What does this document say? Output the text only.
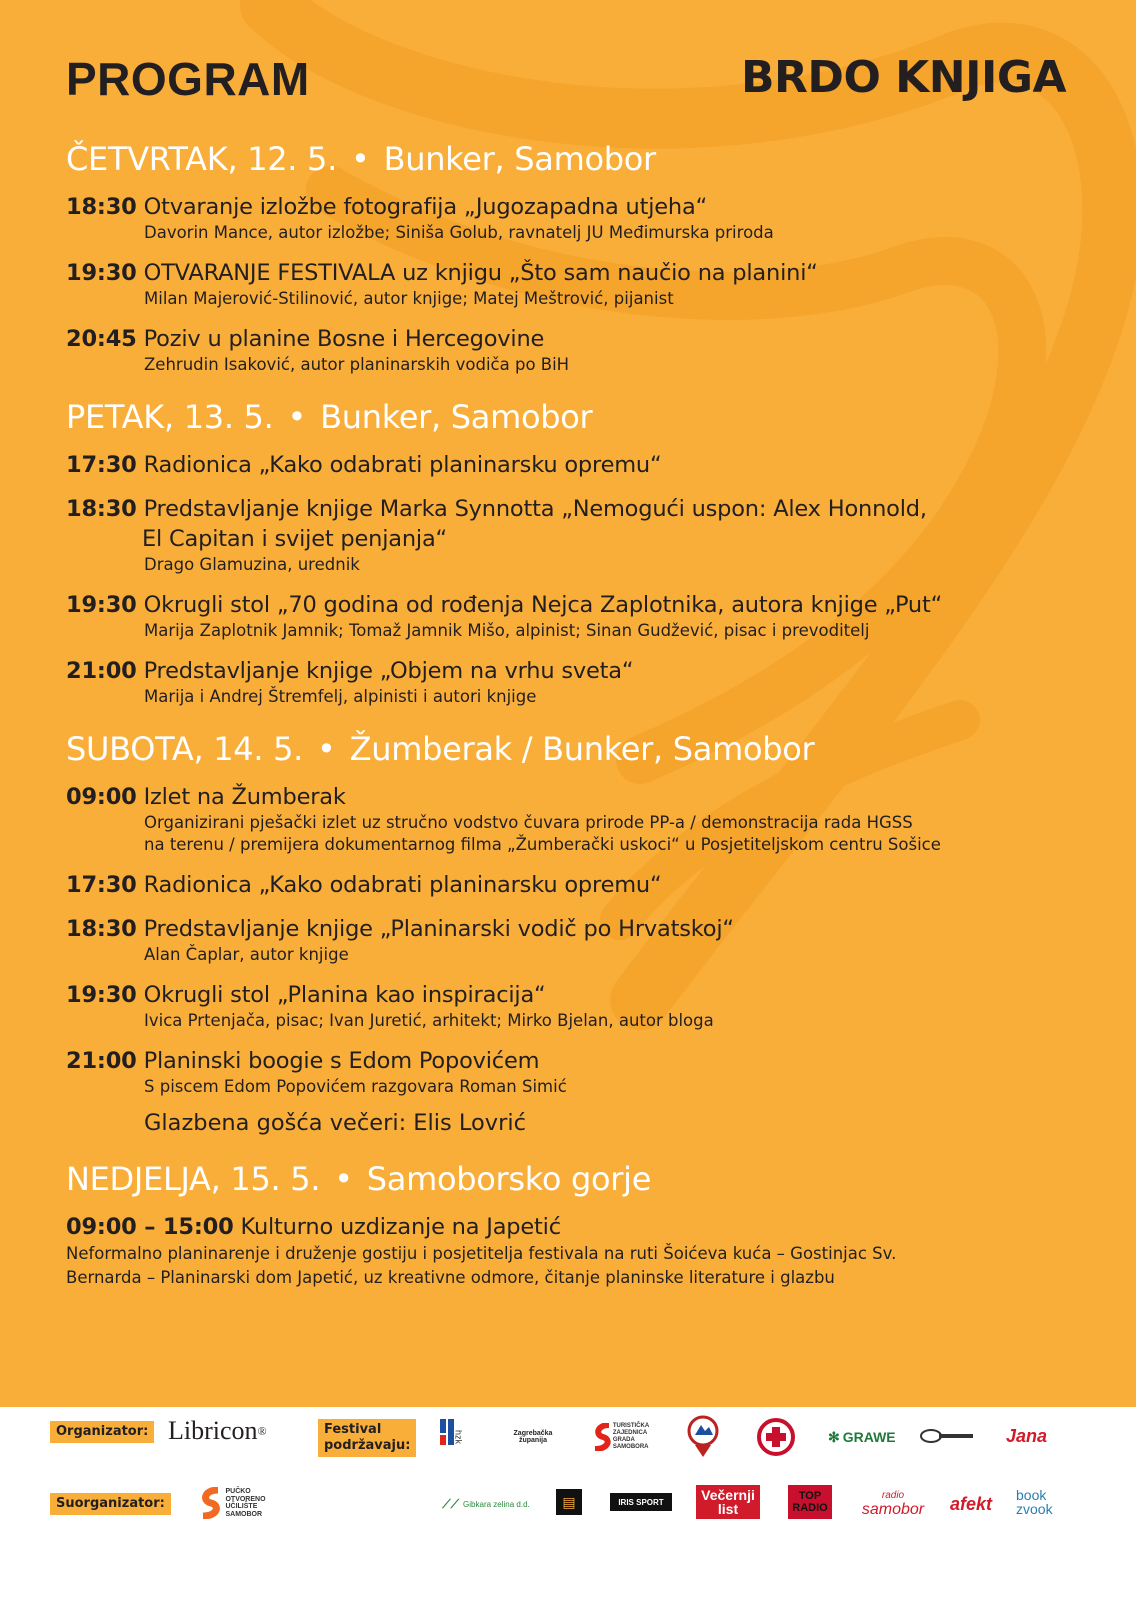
PROGRAM	BRDO KNJIGA
ČETVRTAK, 12. 5. • Bunker, Samobor
18:30 Otvaranje izložbe fotografija „Jugozapadna utjeha“
Davorin Mance, autor izložbe; Siniša Golub, ravnatelj JU Međimurska priroda
19:30 OTVARANJE FESTIVALA uz knjigu „Što sam naučio na planini“
Milan Majerović-Stilinović, autor knjige; Matej Meštrović, pijanist
20:45 Poziv u planine Bosne i Hercegovine
Zehrudin Isaković, autor planinarskih vodiča po BiH
PETAK, 13. 5. • Bunker, Samobor
17:30 Radionica „Kako odabrati planinarsku opremu“
18:30 Predstavljanje knjige Marka Synnotta „Nemogući uspon: Alex Honnold,
El Capitan i svijet penjanja“
Drago Glamuzina, urednik
19:30 Okrugli stol „70 godina od rođenja Nejca Zaplotnika, autora knjige „Put“
Marija Zaplotnik Jamnik; Tomaž Jamnik Mišo, alpinist; Sinan Gudžević, pisac i prevoditelj
21:00 Predstavljanje knjige „Objem na vrhu sveta“
Marija i Andrej Štremfelj, alpinisti i autori knjige
SUBOTA, 14. 5. • Žumberak / Bunker, Samobor
09:00 Izlet na Žumberak
Organizirani pješački izlet uz stručno vodstvo čuvara prirode PP-a / demonstracija rada HGSS
na terenu / premijera dokumentarnog filma „Žumberački uskoci“ u Posjetiteljskom centru Sošice
17:30 Radionica „Kako odabrati planinarsku opremu“
18:30 Predstavljanje knjige „Planinarski vodič po Hrvatskoj“
Alan Čaplar, autor knjige
19:30 Okrugli stol „Planina kao inspiracija“
Ivica Prtenjača, pisac; Ivan Juretić, arhitekt; Mirko Bjelan, autor bloga
21:00 Planinski boogie s Edom Popovićem
S piscem Edom Popovićem razgovara Roman Simić
Glazbena gošća večeri: Elis Lovrić
NEDJELJA, 15. 5. • Samoborsko gorje
09:00 – 15:00 Kulturno uzdizanje na Japetić
Neformalno planinarenje i druženje gostiju i posjetitelja festivala na ruti Šoićeva kuća – Gostinjac Sv.
Bernarda – Planinarski dom Japetić, uz kreativne odmore, čitanje planinske literature i glazbu
Organizator: Libricon ®	Festival
podržavaju:
hzk	Zagrebačka
županija
TURISTIČKA
ZAJEDNICA
GRADA
SAMOBORA
✻ GRAWE	Jana
Suorganizator:
PUČKO
OTVORENO
UČILIŠTE
SAMOBOR
⟋⟋ Gibkara zelina d.d.	▤	IRIS SPORT	Večernji
list
TOP
RADIO
radio
samobor afekt book
zvook
